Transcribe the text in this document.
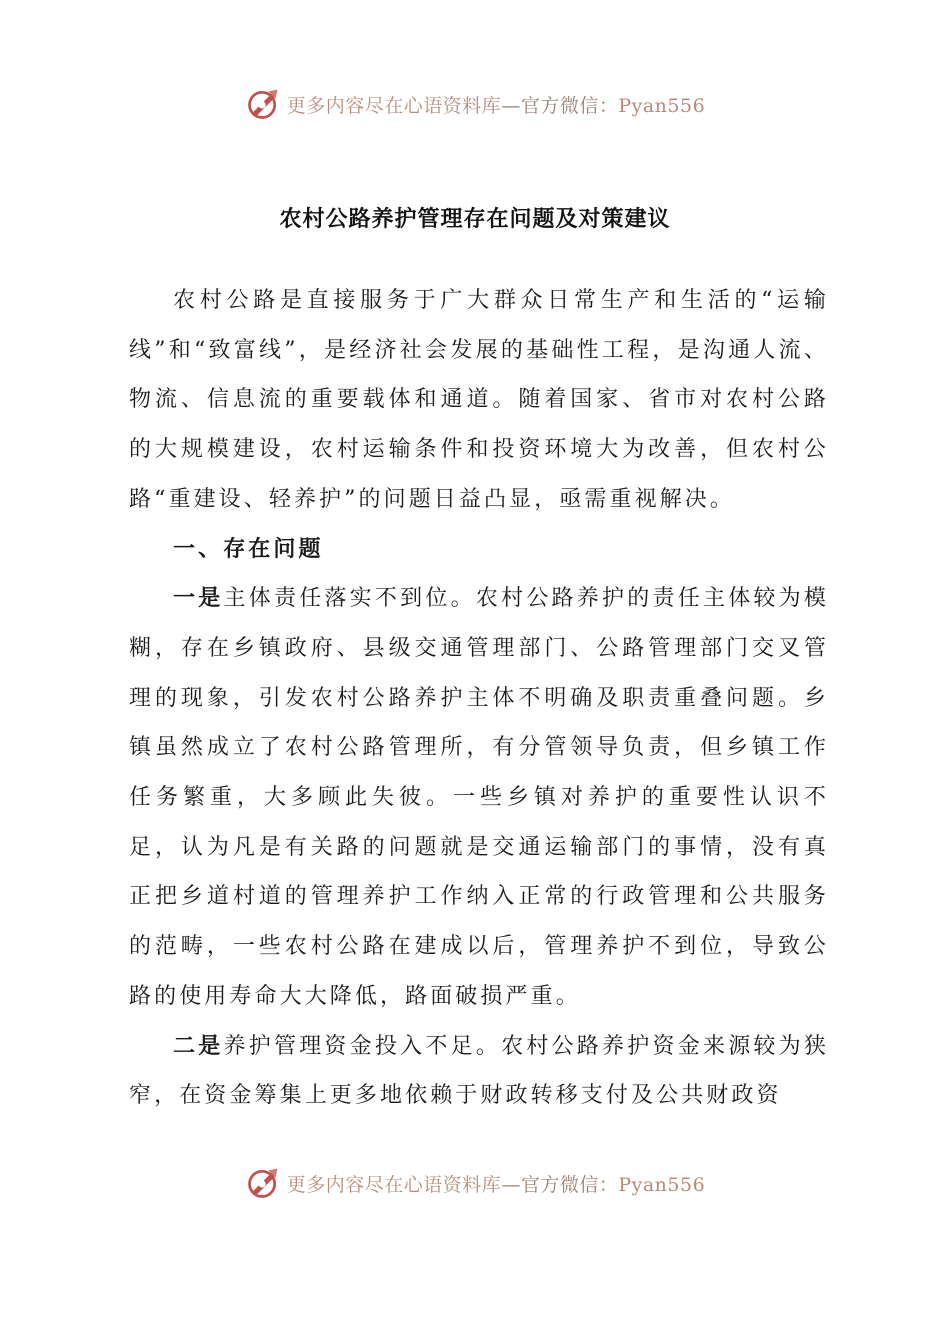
更多内容尽在心语资料库—官方微信：Pyan556
农村公路养护管理存在问题及对策建议

农村公路是直接服务于广大群众日常生产和生活的“运输线”和“致富线”，是经济社会发展的基础性工程，是沟通人流、物流、信息流的重要载体和通道。随着国家、省市对农村公路的大规模建设，农村运输条件和投资环境大为改善，但农村公路“重建设、轻养护”的问题日益凸显，亟需重视解决。

一、存在问题

一是主体责任落实不到位。农村公路养护的责任主体较为模糊，存在乡镇政府、县级交通管理部门、公路管理部门交叉管理的现象，引发农村公路养护主体不明确及职责重叠问题。乡镇虽然成立了农村公路管理所，有分管领导负责，但乡镇工作任务繁重，大多顾此失彼。一些乡镇对养护的重要性认识不足，认为凡是有关路的问题就是交通运输部门的事情，没有真正把乡道村道的管理养护工作纳入正常的行政管理和公共服务的范畴，一些农村公路在建成以后，管理养护不到位，导致公路的使用寿命大大降低，路面破损严重。

二是养护管理资金投入不足。农村公路养护资金来源较为狭窄，在资金筹集上更多地依赖于财政转移支付及公共财政资

更多内容尽在心语资料库—官方微信：Pyan556
